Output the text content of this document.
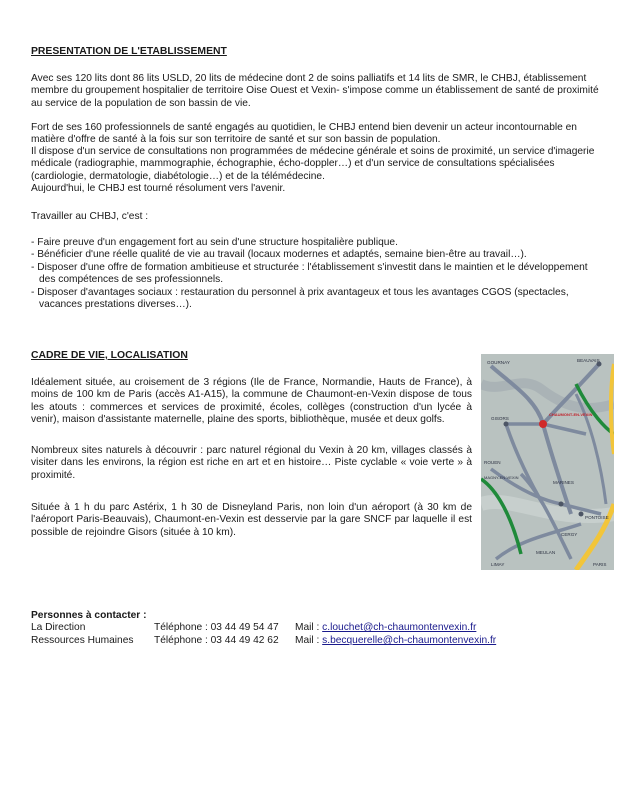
PRESENTATION DE L'ETABLISSEMENT

Avec ses 120 lits dont 86 lits USLD, 20 lits de médecine dont 2 de soins palliatifs et 14 lits de SMR, le CHBJ, établissement membre du groupement hospitalier de territoire Oise Ouest et Vexin- s'impose comme un établissement de santé de proximité au service de la population de son bassin de vie.

Fort de ses 160 professionnels de santé engagés au quotidien, le CHBJ entend bien devenir un acteur incontournable en matière d'offre de santé à la fois sur son territoire de santé et sur son bassin de population.

Il dispose d'un service de consultations non programmées de médecine générale et soins de proximité, un service d'imagerie médicale (radiographie, mammographie, échographie, écho-doppler…) et d'un service de consultations spécialisées (cardiologie, dermatologie, diabétologie…) et de la télémédecine.

Aujourd'hui, le CHBJ est tourné résolument vers l'avenir.

Travailler au CHBJ, c'est :

- Faire preuve d'un engagement fort au sein d'une structure hospitalière publique.
- Bénéficier d'une réelle qualité de vie au travail (locaux modernes et adaptés, semaine bien-être au travail…).
- Disposer d'une offre de formation ambitieuse et structurée : l'établissement s'investit dans le maintien et le développement des compétences de ses professionnels.
- Disposer d'avantages sociaux : restauration du personnel à prix avantageux et tous les avantages CGOS (spectacles, vacances prestations diverses…).
CADRE DE VIE, LOCALISATION

Idéalement située, au croisement de 3 régions (Ile de France, Normandie, Hauts de France), à moins de 100 km de Paris (accès A1-A15), la commune de Chaumont-en-Vexin dispose de tous les atouts : commerces et services de proximité, écoles, collèges (construction d'un lycée à venir), maison d'assistante maternelle, plaine des sports, bibliothèque, musée et deux golfs.

Nombreux sites naturels à découvrir : parc naturel régional du Vexin à 20 km, villages classés à visiter dans les environs, la région est riche en art et en histoire… Piste cyclable « voie verte » à proximité.

Située à 1 h du parc Astérix, 1 h 30 de Disneyland Paris, non loin d'un aéroport (à 30 km de l'aéroport Paris-Beauvais), Chaumont-en-Vexin est desservie par la gare SNCF par laquelle il est possible de rejoindre Gisors (située à 10 km).

GOURNAY	BEAUVAIS
CHAUMONT-EN-VEXIN
GISORS
ROUEN
MAGNY-EN-VEXIN
MARINES
PONTOISE
CERGY
MEULAN
LIMAY	PARIS
Personnes à contacter :
La Direction	Téléphone : 03 44 49 54 47 Mail : c.louchet@ch-chaumontenvexin.fr
Ressources Humaines Téléphone : 03 44 49 42 62 Mail : s.becquerelle@ch-chaumontenvexin.fr
